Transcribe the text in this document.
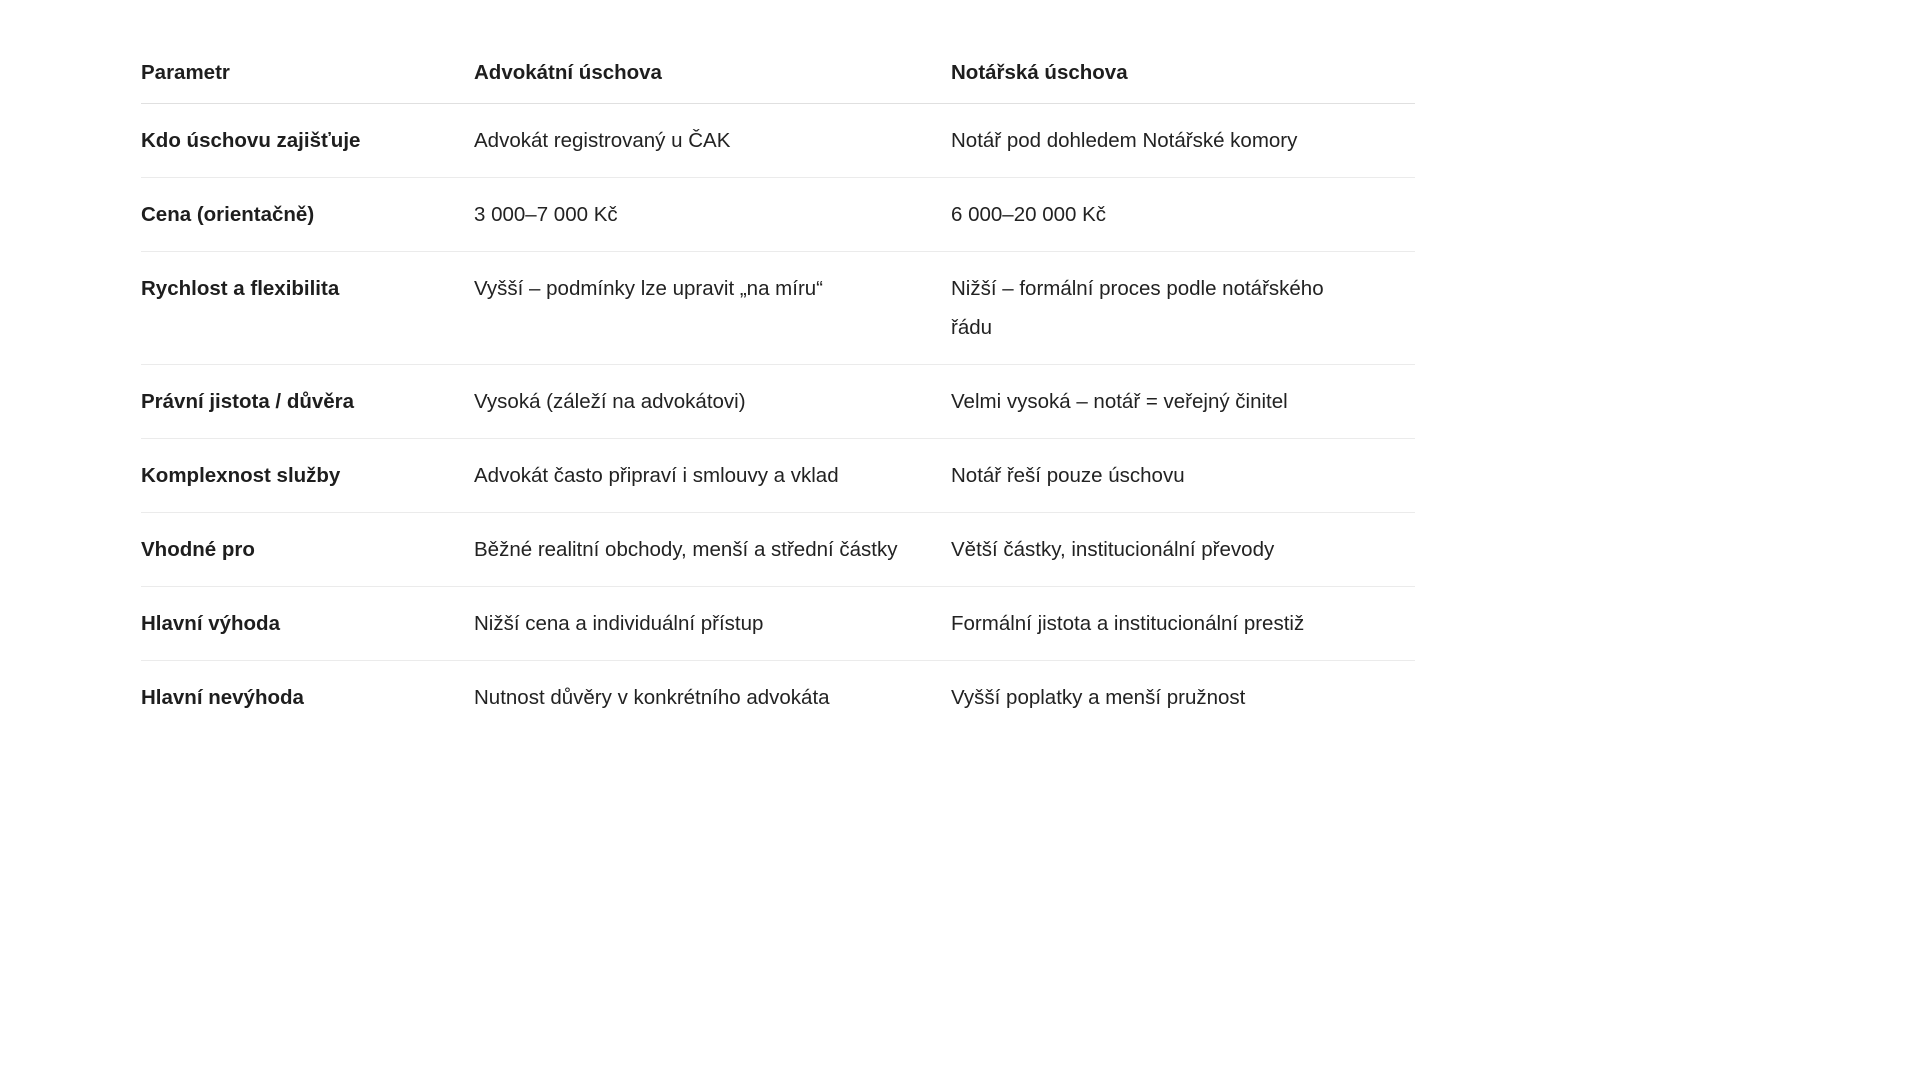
Parametr	Advokátní úschova	Notářská úschova
Kdo úschovu zajišťuje	Advokát registrovaný u ČAK	Notář pod dohledem Notářské komory
Cena (orientačně)	3 000–7 000 Kč	6 000–20 000 Kč
Rychlost a flexibilita	Vyšší – podmínky lze upravit „na míru“	Nižší – formální proces podle notářského řádu
Právní jistota / důvěra	Vysoká (záleží na advokátovi)	Velmi vysoká – notář = veřejný činitel
Komplexnost služby	Advokát často připraví i smlouvy a vklad	Notář řeší pouze úschovu
Vhodné pro	Běžné realitní obchody, menší a střední částky	Větší částky, institucionální převody
Hlavní výhoda	Nižší cena a individuální přístup	Formální jistota a institucionální prestiž
Hlavní nevýhoda	Nutnost důvěry v konkrétního advokáta	Vyšší poplatky a menší pružnost
